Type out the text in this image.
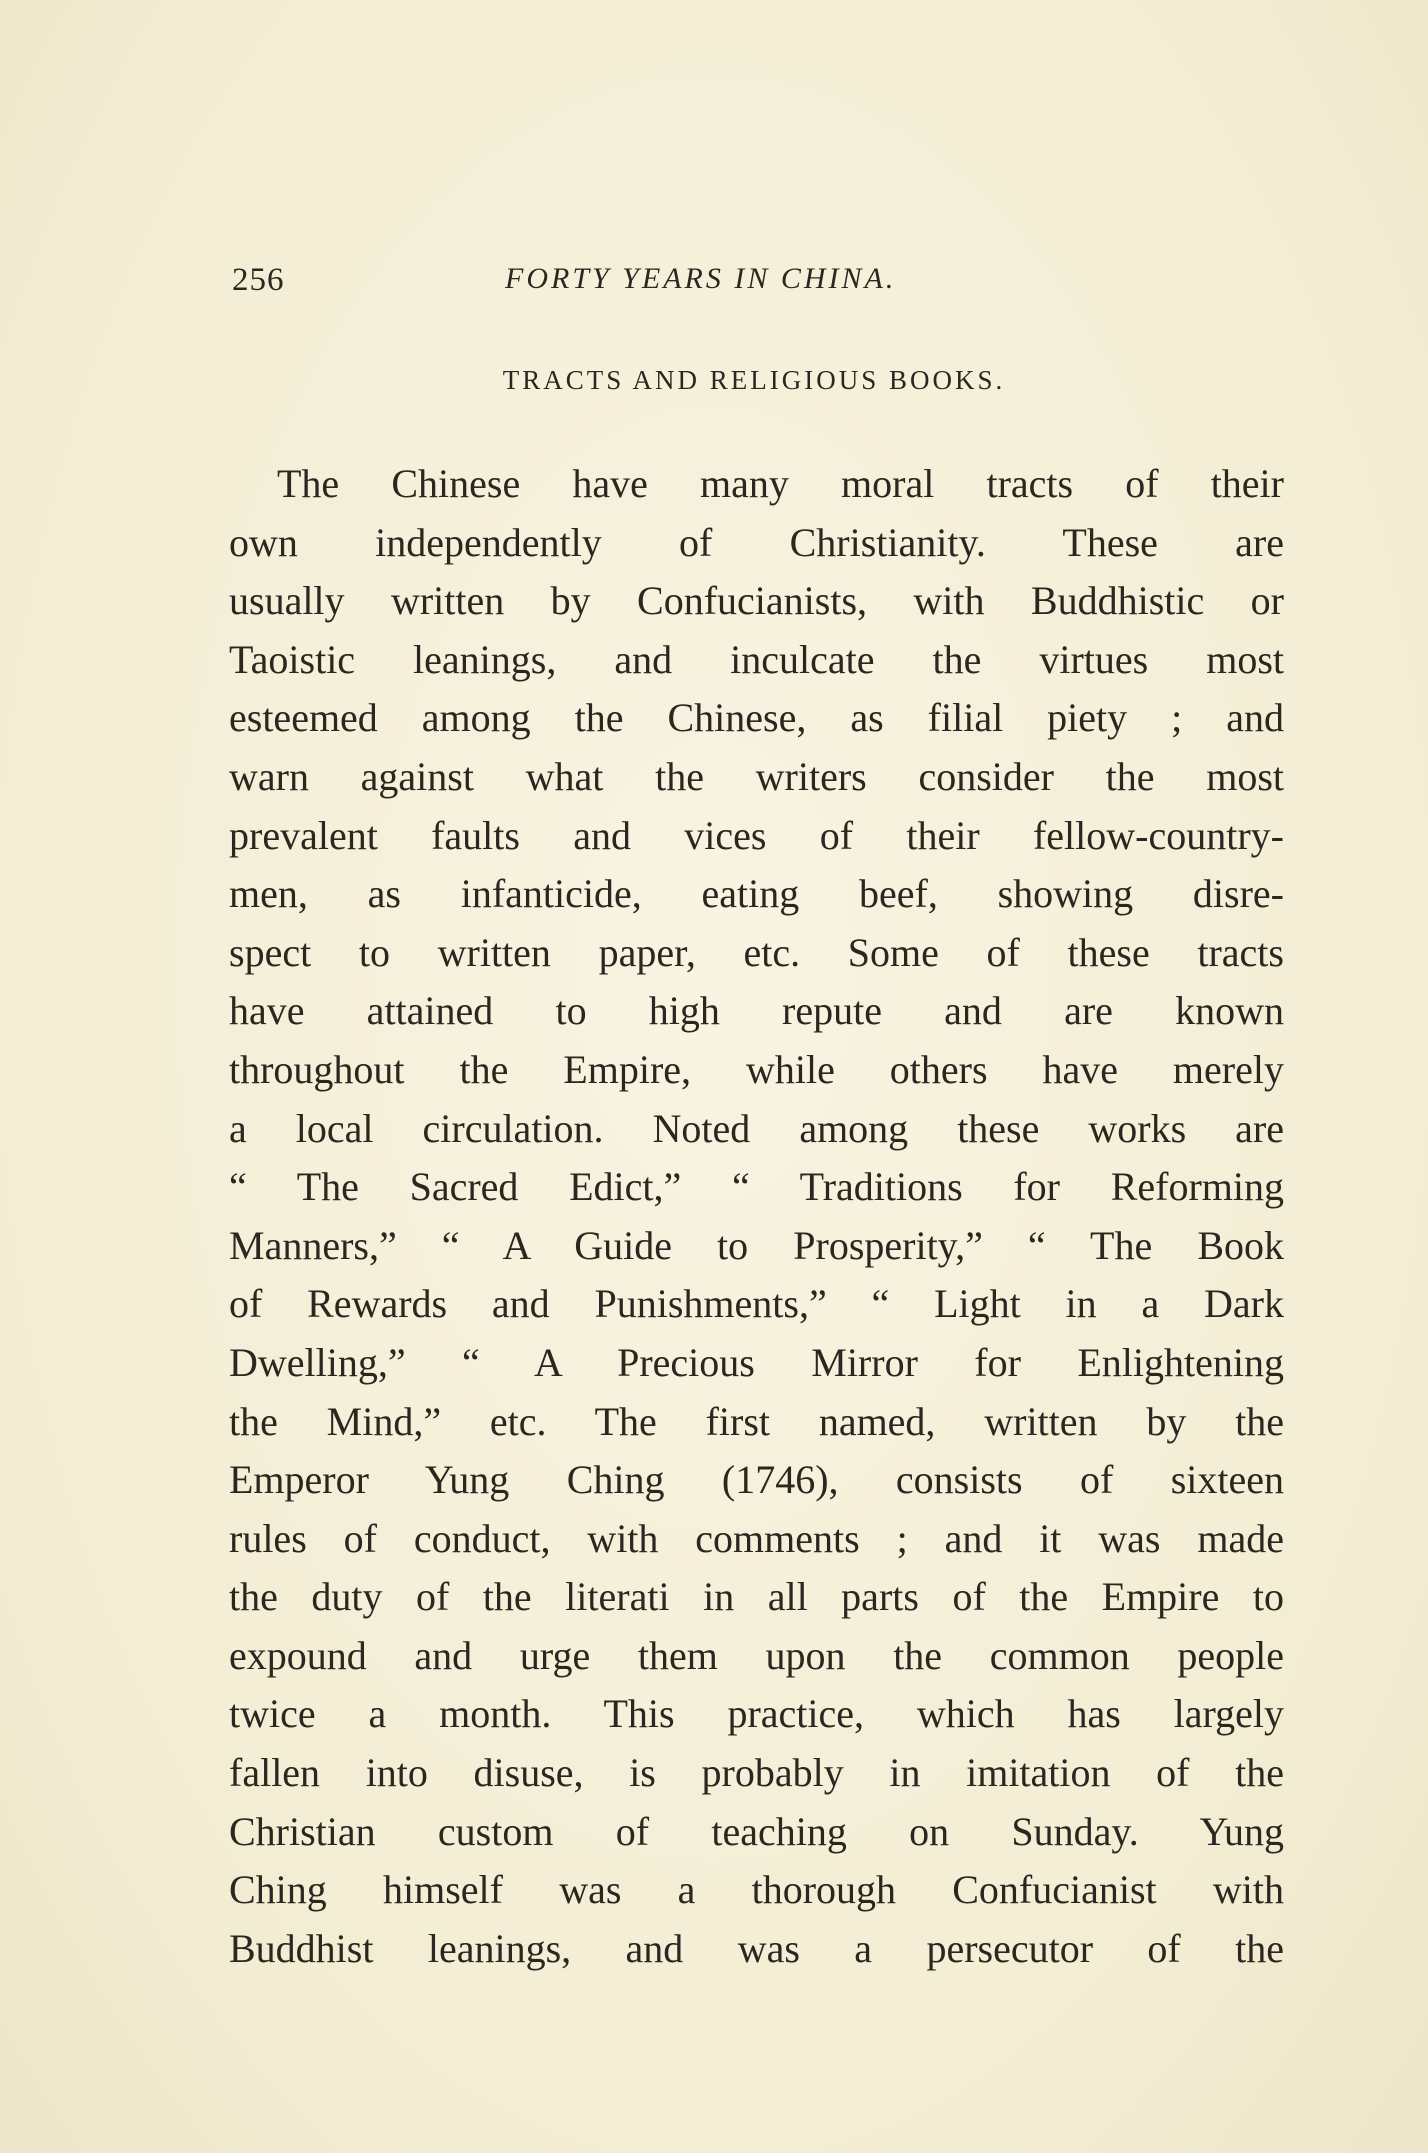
256	FORTY YEARS IN CHINA.
TRACTS AND RELIGIOUS BOOKS.
The Chinese have many moral tracts of their
own independently of Christianity. These are
usually written by Confucianists, with Buddhistic or
Taoistic leanings, and inculcate the virtues most
esteemed among the Chinese, as filial piety ; and
warn against what the writers consider the most
prevalent faults and vices of their fellow-country-
men, as infanticide, eating beef, showing disre-
spect to written paper, etc. Some of these tracts
have attained to high repute and are known
throughout the Empire, while others have merely
a local circulation. Noted among these works are
“ The Sacred Edict,” “ Traditions for Reforming
Manners,” “ A Guide to Prosperity,” “ The Book
of Rewards and Punishments,” “ Light in a Dark
Dwelling,” “ A Precious Mirror for Enlightening
the Mind,” etc. The first named, written by the
Emperor Yung Ching (1746), consists of sixteen
rules of conduct, with comments ; and it was made
the duty of the literati in all parts of the Empire to
expound and urge them upon the common people
twice a month. This practice, which has largely
fallen into disuse, is probably in imitation of the
Christian custom of teaching on Sunday. Yung
Ching himself was a thorough Confucianist with
Buddhist leanings, and was a persecutor of the
